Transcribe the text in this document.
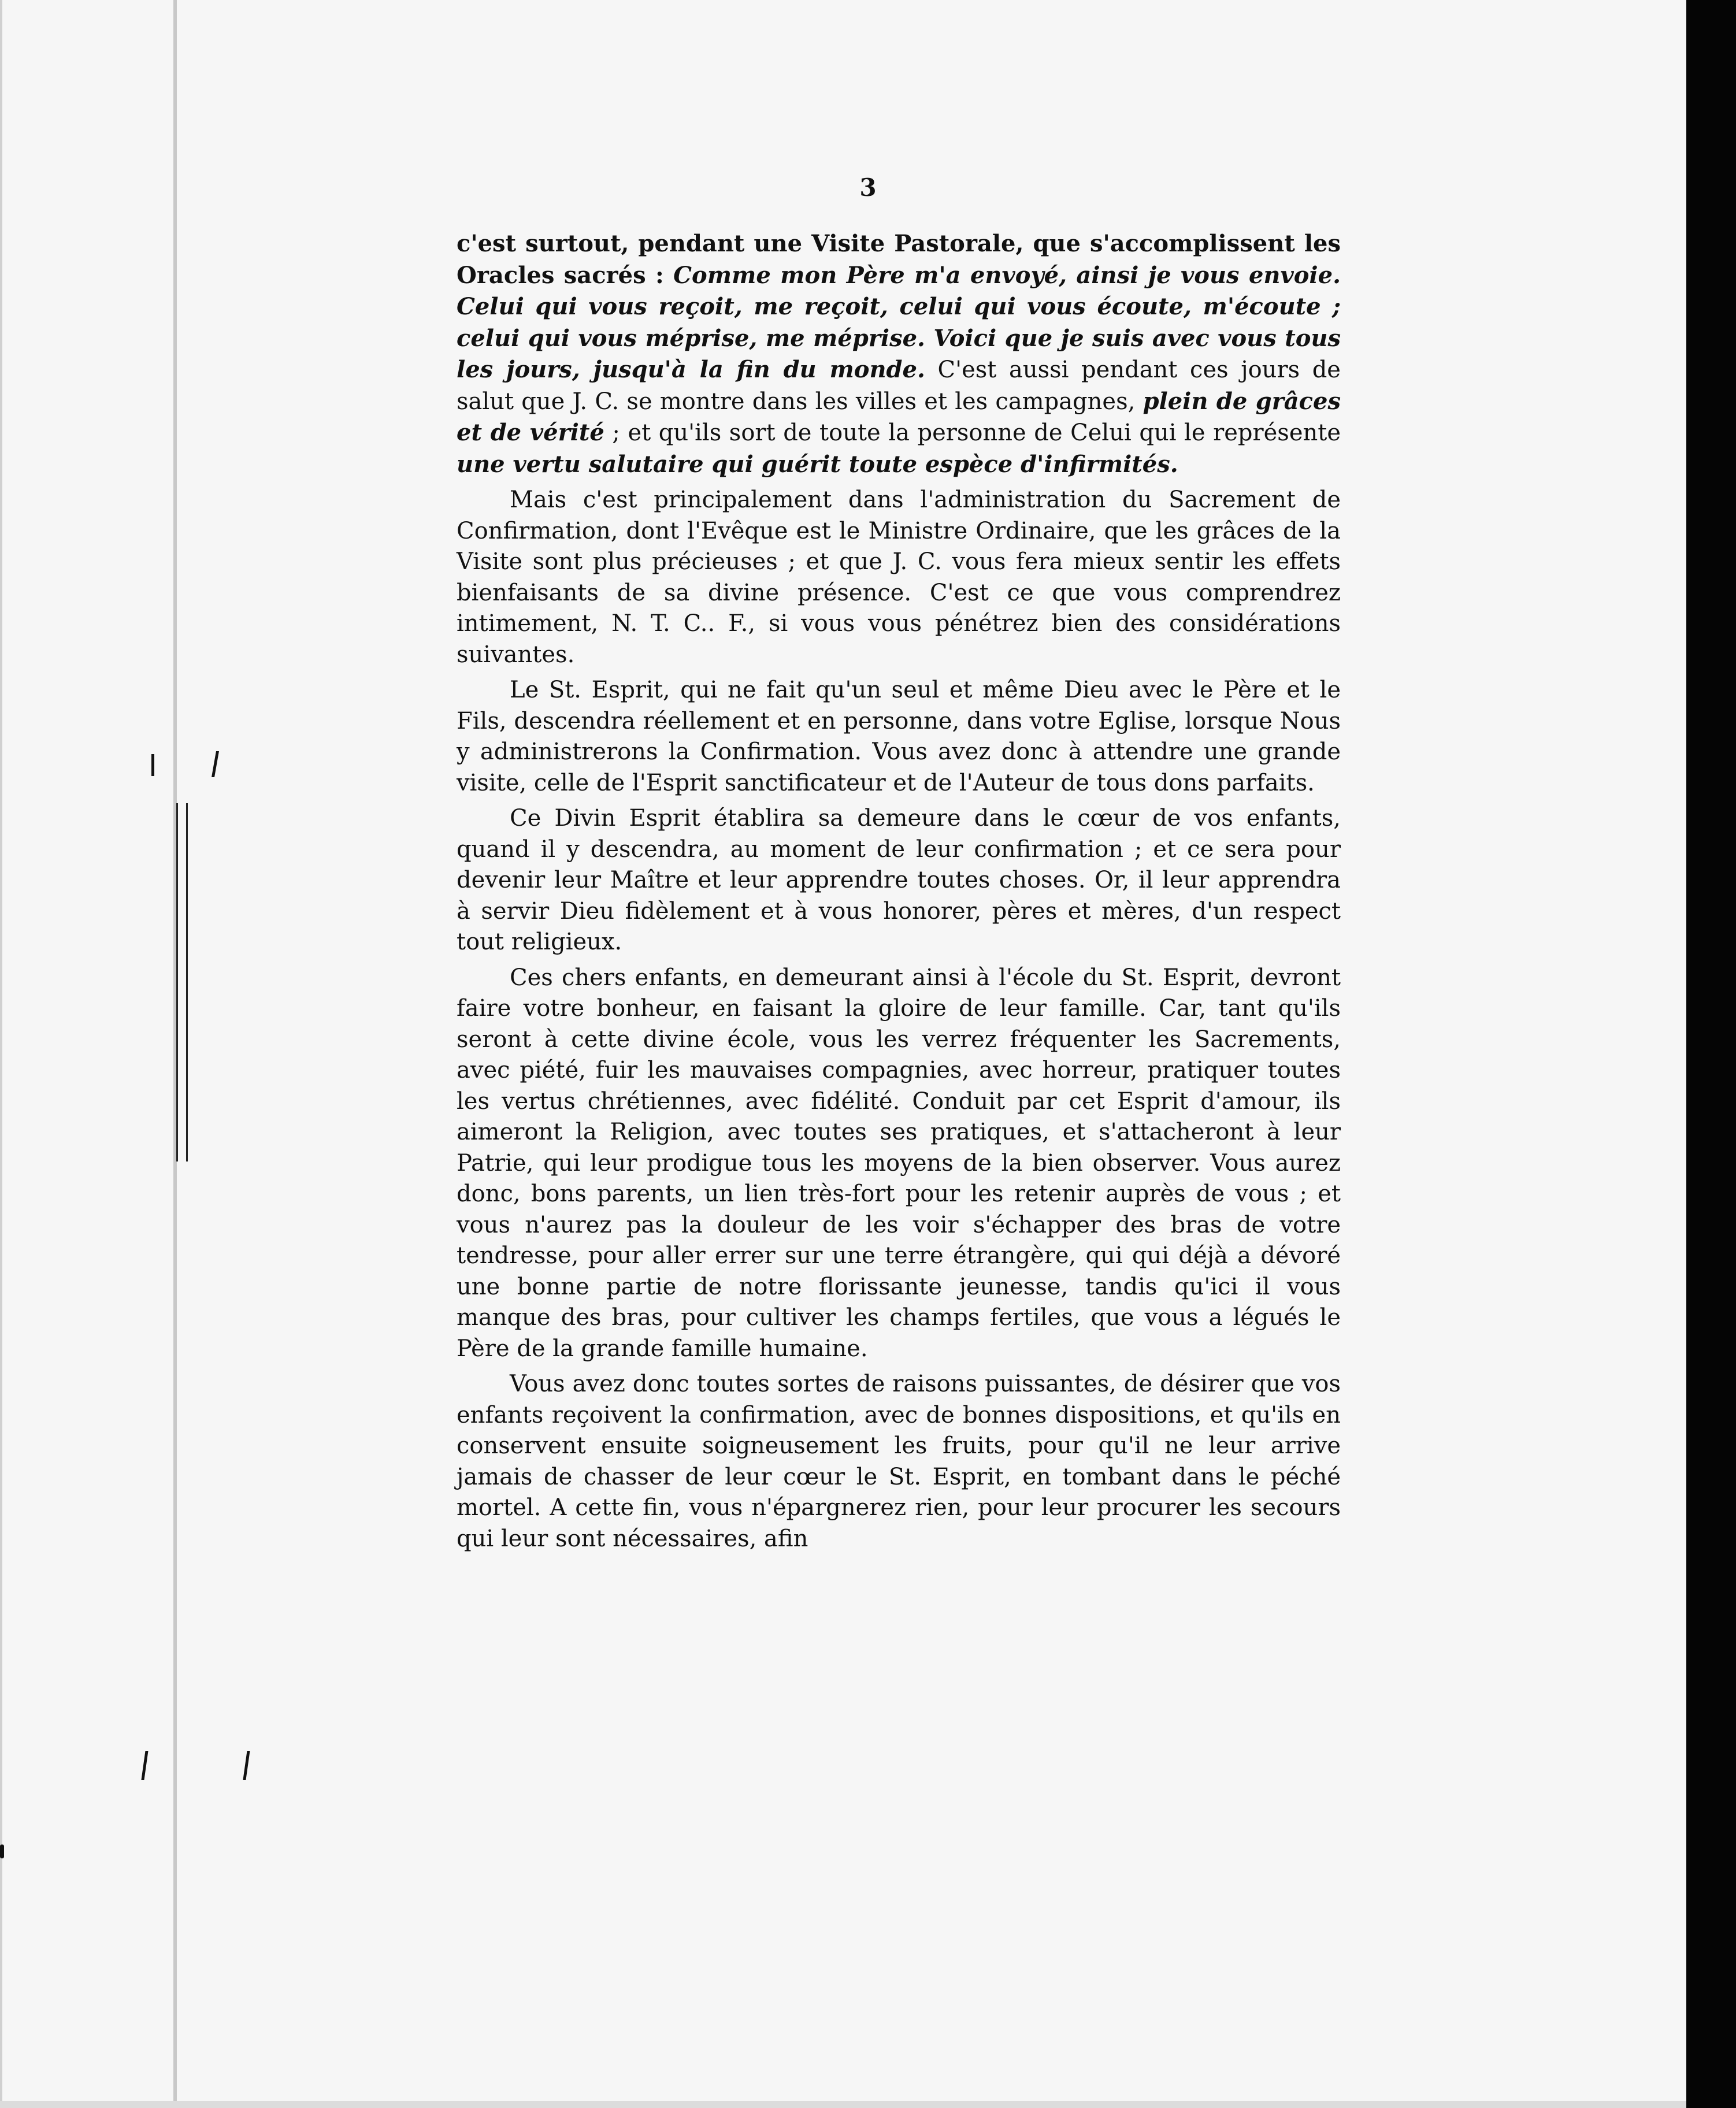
3

c'est surtout, pendant une Visite Pastorale, que s'accomplissent les Oracles sacrés : Comme mon Père m'a envoyé, ainsi je vous envoie. Celui qui vous reçoit, me reçoit, celui qui vous écoute, m'écoute ; celui qui vous méprise, me méprise. Voici que je suis avec vous tous les jours, jusqu'à la fin du monde. C'est aussi pendant ces jours de salut que J. C. se montre dans les villes et les campagnes, plein de grâces et de vérité ; et qu'ils sort de toute la personne de Celui qui le représente une vertu salutaire qui guérit toute espèce d'infirmités.

Mais c'est principalement dans l'administration du Sacrement de Confirmation, dont l'Evêque est le Ministre Ordinaire, que les grâces de la Visite sont plus précieuses ; et que J. C. vous fera mieux sentir les effets bienfaisants de sa divine présence. C'est ce que vous comprendrez intimement, N. T. C.. F., si vous vous pénétrez bien des considérations suivantes.

Le St. Esprit, qui ne fait qu'un seul et même Dieu avec le Père et le Fils, descendra réellement et en personne, dans votre Eglise, lorsque Nous y administrerons la Confirmation. Vous avez donc à attendre une grande visite, celle de l'Esprit sanctificateur et de l'Auteur de tous dons parfaits.

Ce Divin Esprit établira sa demeure dans le cœur de vos enfants, quand il y descendra, au moment de leur confirmation ; et ce sera pour devenir leur Maître et leur apprendre toutes choses. Or, il leur apprendra à servir Dieu fidèlement et à vous honorer, pères et mères, d'un respect tout religieux.

Ces chers enfants, en demeurant ainsi à l'école du St. Esprit, devront faire votre bonheur, en faisant la gloire de leur famille. Car, tant qu'ils seront à cette divine école, vous les verrez fréquenter les Sacrements, avec piété, fuir les mauvaises compagnies, avec horreur, pratiquer toutes les vertus chrétiennes, avec fidélité. Conduit par cet Esprit d'amour, ils aimeront la Religion, avec toutes ses pratiques, et s'attacheront à leur Patrie, qui leur prodigue tous les moyens de la bien observer. Vous aurez donc, bons parents, un lien très-fort pour les retenir auprès de vous ; et vous n'aurez pas la douleur de les voir s'échapper des bras de votre tendresse, pour aller errer sur une terre étrangère, qui qui déjà a dévoré une bonne partie de notre florissante jeunesse, tandis qu'ici il vous manque des bras, pour cultiver les champs fertiles, que vous a légués le Père de la grande famille humaine.

Vous avez donc toutes sortes de raisons puissantes, de désirer que vos enfants reçoivent la confirmation, avec de bonnes dispositions, et qu'ils en conservent ensuite soigneusement les fruits, pour qu'il ne leur arrive jamais de chasser de leur cœur le St. Esprit, en tombant dans le péché mortel. A cette fin, vous n'épargnerez rien, pour leur procurer les secours qui leur sont nécessaires, afin
